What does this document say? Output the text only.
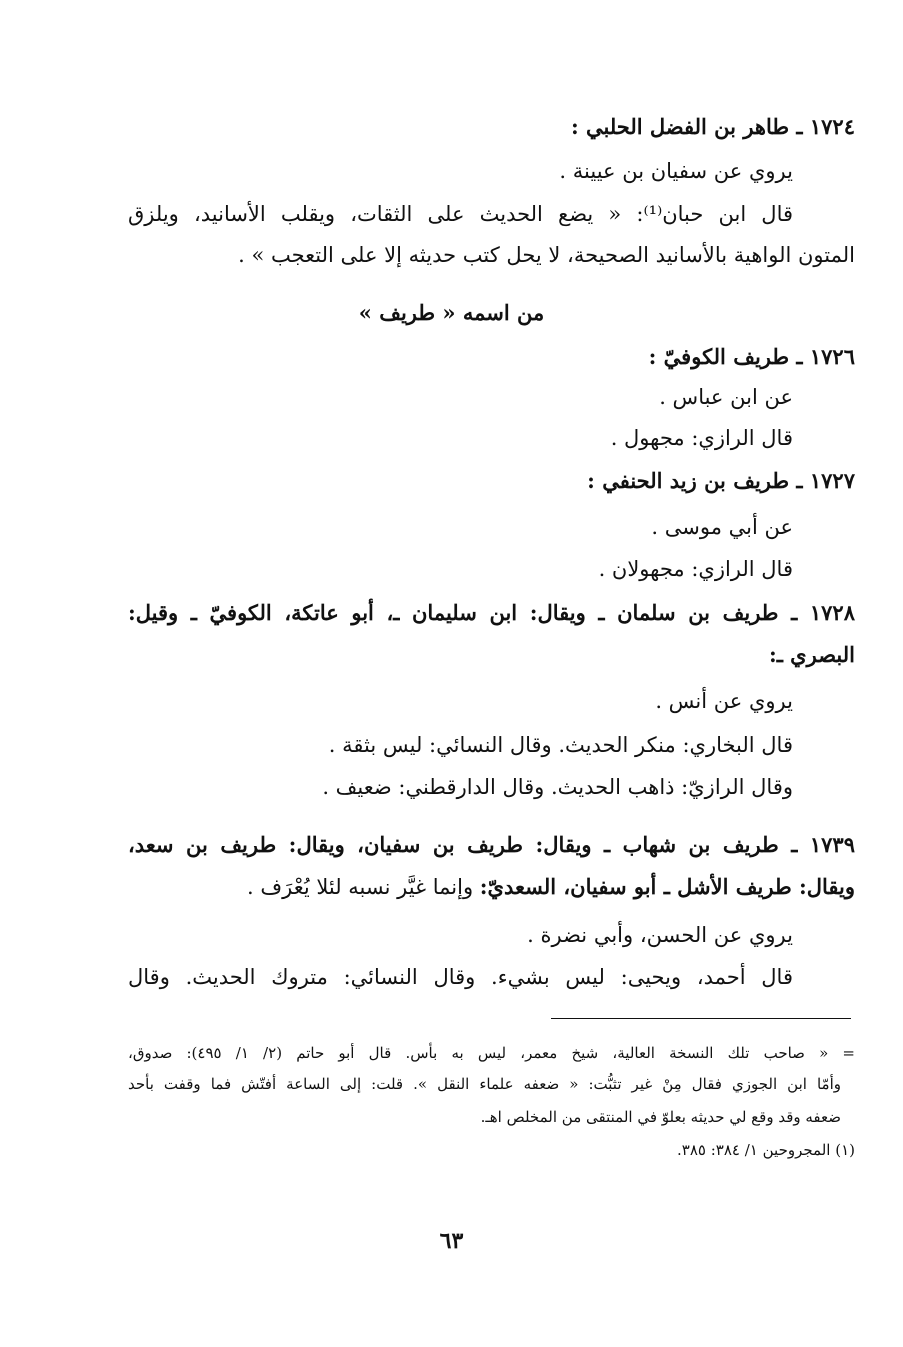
١٧٢٤ ـ طاهر بن الفضل الحلبي :
يروي عن سفيان بن عيينة .
قال ابن حبان⁽¹⁾: « يضع الحديث على الثقات، ويقلب الأسانيد، ويلزق
المتون الواهية بالأسانيد الصحيحة، لا يحل كتب حديثه إلا على التعجب » .
من اسمه « طريف »
١٧٢٦ ـ طريف الكوفيّ :
عن ابن عباس .
قال الرازي: مجهول .
١٧٢٧ ـ طريف بن زيد الحنفي :
عن أبي موسى .
قال الرازي: مجهولان .
١٧٢٨ ـ طريف بن سلمان ـ ويقال: ابن سليمان ـ، أبو عاتكة، الكوفيّ ـ وقيل:
البصري ـ:
يروي عن أنس .
قال البخاري: منكر الحديث. وقال النسائي: ليس بثقة .
وقال الرازيّ: ذاهب الحديث. وقال الدارقطني: ضعيف .
١٧٣٩ ـ طريف بن شهاب ـ ويقال: طريف بن سفيان، ويقال: طريف بن سعد،
ويقال: طريف الأشل ـ أبو سفيان، السعديّ: وإنما غيَّر نسبه لئلا يُعْرَف .
يروي عن الحسن، وأبي نضرة .
قال أحمد، ويحيى: ليس بشيء. وقال النسائي: متروك الحديث. وقال
= « صاحب تلك النسخة العالية، شيخ معمر، ليس به بأس. قال أبو حاتم (٢/ ١/ ٤٩٥): صدوق،
وأمّا ابن الجوزي فقال مِنْ غير تثبُّت: « ضعفه علماء النقل ». قلت: إلى الساعة أفتّش فما وقفت بأحد
ضعفه وقد وقع لي حديثه بعلوّ في المنتقى من المخلص اهـ.
(١) المجروحين ١/ ٣٨٤: ٣٨٥.
٦٣
